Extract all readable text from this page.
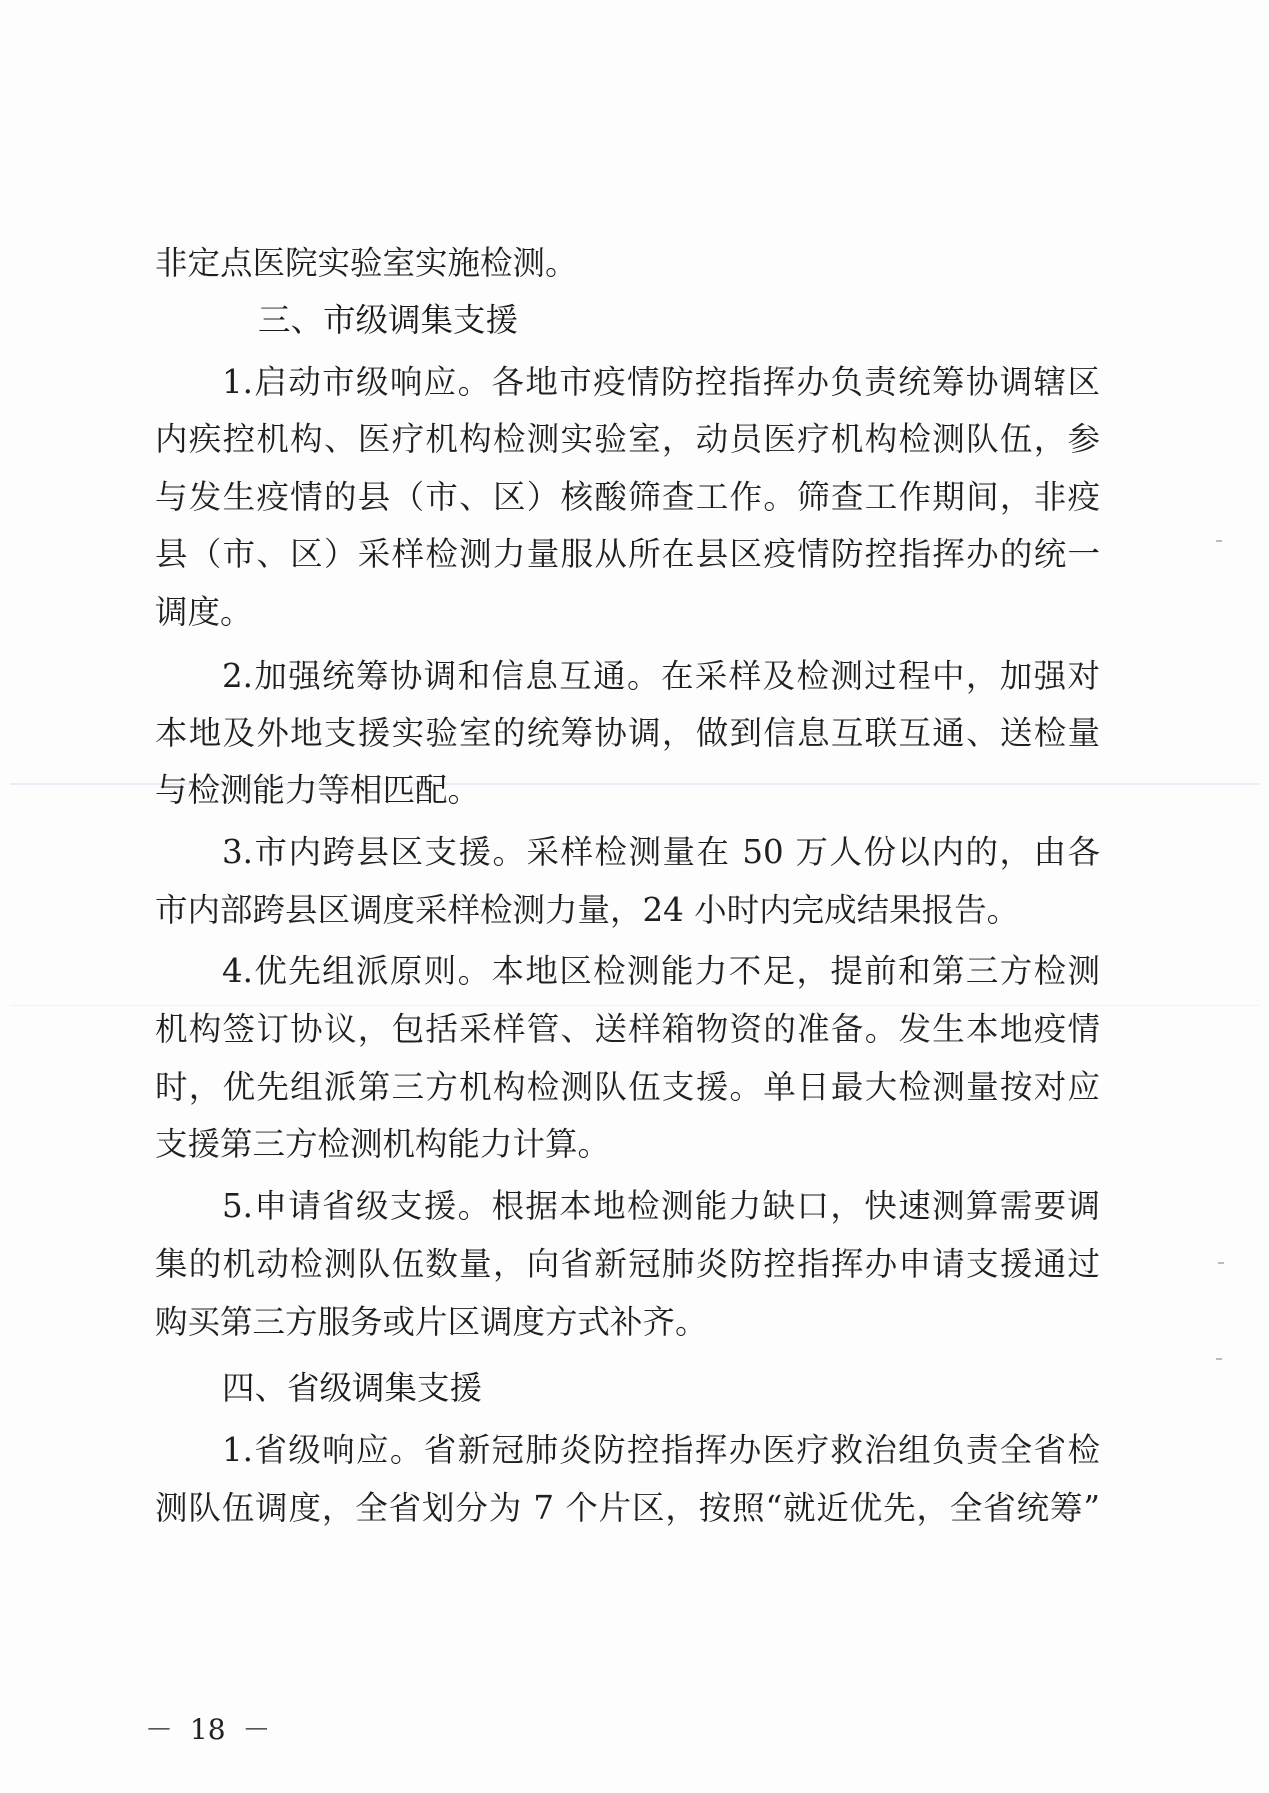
非定点医院实验室实施检测。
三、市级调集支援
1.启动市级响应。各地市疫情防控指挥办负责统筹协调辖区
内疾控机构、医疗机构检测实验室，动员医疗机构检测队伍，参
与发生疫情的县（市、区）核酸筛查工作。筛查工作期间，非疫
县（市、区）采样检测力量服从所在县区疫情防控指挥办的统一
调度。
2.加强统筹协调和信息互通。在采样及检测过程中，加强对
本地及外地支援实验室的统筹协调，做到信息互联互通、送检量
与检测能力等相匹配。
3.市内跨县区支援。采样检测量在 50 万人份以内的，由各
市内部跨县区调度采样检测力量，24 小时内完成结果报告。
4.优先组派原则。本地区检测能力不足，提前和第三方检测
机构签订协议，包括采样管、送样箱物资的准备。发生本地疫情
时，优先组派第三方机构检测队伍支援。单日最大检测量按对应
支援第三方检测机构能力计算。
5.申请省级支援。根据本地检测能力缺口，快速测算需要调
集的机动检测队伍数量，向省新冠肺炎防控指挥办申请支援通过
购买第三方服务或片区调度方式补齐。
四、省级调集支援
1.省级响应。省新冠肺炎防控指挥办医疗救治组负责全省检
测队伍调度，全省划分为 7 个片区，按照“就近优先，全省统筹”
－ 18 －
